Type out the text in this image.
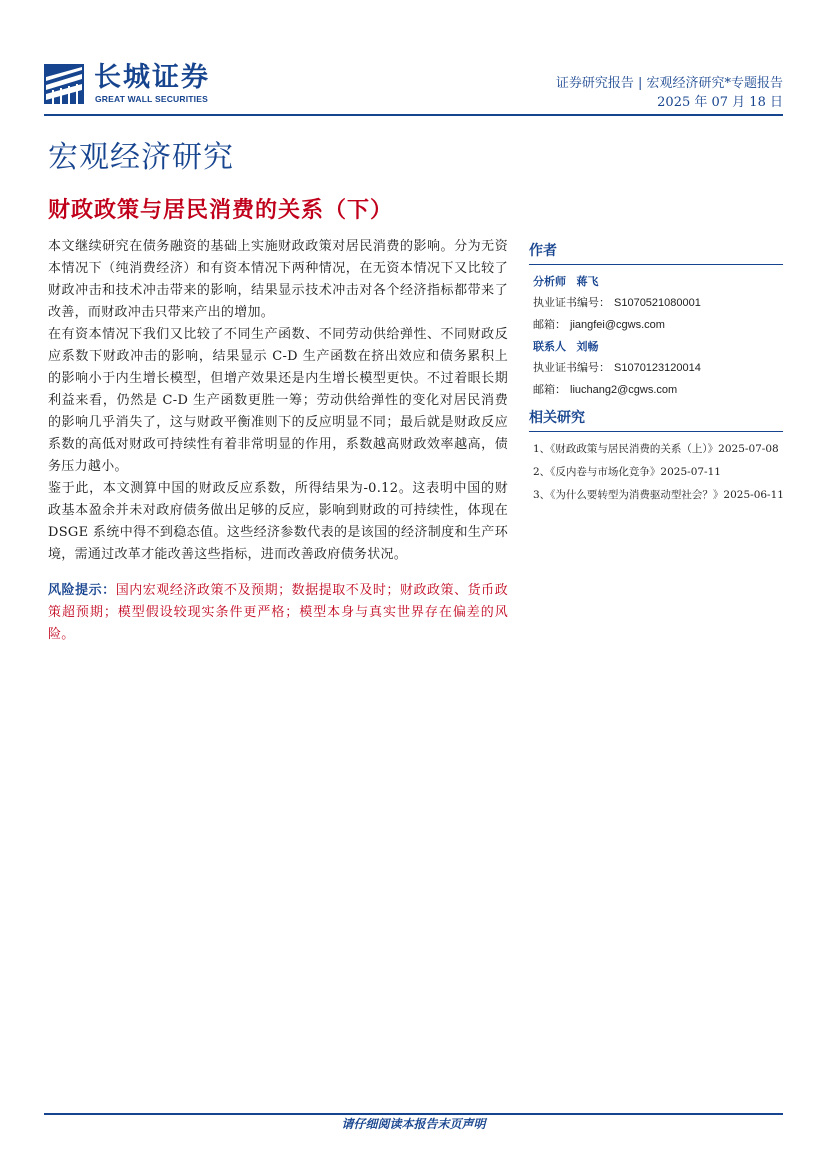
长城证券
GREAT WALL SECURITIES
证券研究报告 | 宏观经济研究*专题报告
2025 年 07 月 18 日
宏观经济研究
财政政策与居民消费的关系（下）

本文继续研究在债务融资的基础上实施财政政策对居民消费的影响。分为无资本情况下（纯消费经济）和有资本情况下两种情况，在无资本情况下又比较了财政冲击和技术冲击带来的影响，结果显示技术冲击对各个经济指标都带来了改善，而财政冲击只带来产出的增加。

在有资本情况下我们又比较了不同生产函数、不同劳动供给弹性、不同财政反应系数下财政冲击的影响，结果显示 C-D 生产函数在挤出效应和债务累积上的影响小于内生增长模型，但增产效果还是内生增长模型更快。不过着眼长期利益来看，仍然是 C-D 生产函数更胜一筹；劳动供给弹性的变化对居民消费的影响几乎消失了，这与财政平衡准则下的反应明显不同；最后就是财政反应系数的高低对财政可持续性有着非常明显的作用，系数越高财政效率越高，债务压力越小。

鉴于此，本文测算中国的财政反应系数，所得结果为-0.12。这表明中国的财政基本盈余并未对政府债务做出足够的反应，影响到财政的可持续性，体现在 DSGE 系统中得不到稳态值。这些经济参数代表的是该国的经济制度和生产环境，需通过改革才能改善这些指标，进而改善政府债务状况。

风险提示：国内宏观经济政策不及预期；数据提取不及时；财政政策、货币政策超预期；模型假设较现实条件更严格；模型本身与真实世界存在偏差的风险。
作者
分析师 蒋飞
执业证书编号： S1070521080001
邮箱： jiangfei@cgws.com
联系人 刘畅
执业证书编号： S1070123120014
邮箱： liuchang2@cgws.com
相关研究
1、《财政政策与居民消费的关系（上）》2025-07-08
2、《反内卷与市场化竞争》2025-07-11
3、《为什么要转型为消费驱动型社会？》2025-06-11
请仔细阅读本报告末页声明
